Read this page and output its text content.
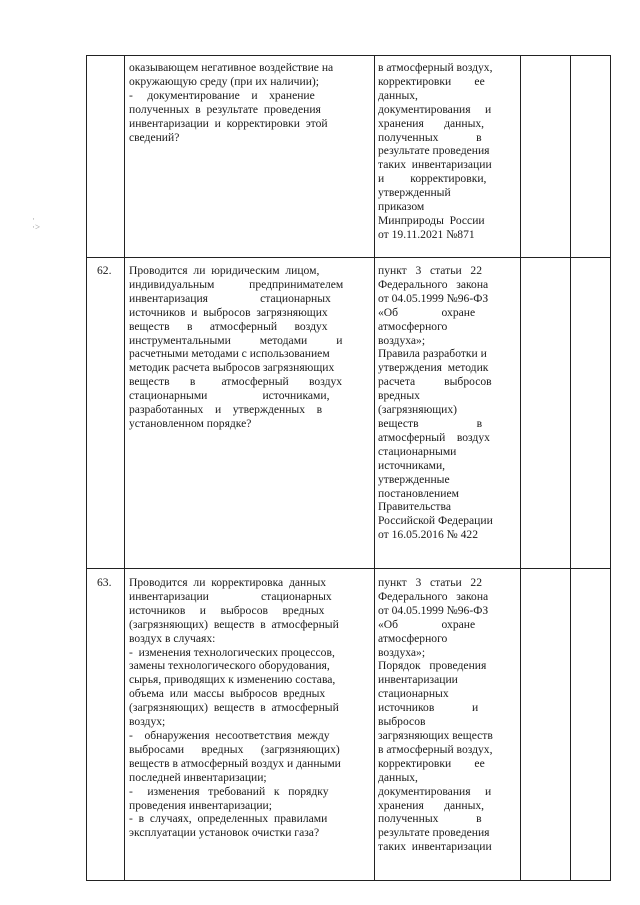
оказывающем негативное воздействие на
окружающую среду (при их наличии);
-     документирование    и    хранение
полученных  в  результате  проведения
инвентаризации  и  корректировки  этой
сведений?
в атмосферный воздух,
корректировки        ее
данных,
документирования     и
хранения       данных,
полученных             в
результате проведения
таких  инвентаризации
и         корректировки,
утвержденный
приказом
Минприроды  России
от 19.11.2021 №871
62. Проводится  ли  юридическим  лицом,
индивидуальным            предпринимателем
инвентаризация                  стационарных
источников  и  выбросов  загрязняющих
веществ      в      атмосферный      воздух
инструментальными          методами          и
расчетными методами с использованием
методик расчета выбросов загрязняющих
веществ       в         атмосферный       воздух
стационарными                   источниками,
разработанных    и    утвержденных    в
установленном порядке?
пункт   3   статьи   22
Федерального   закона
от 04.05.1999 №96-ФЗ
«Об               охране
атмосферного
воздуха»;
Правила разработки и
утверждения  методик
расчета          выбросов
вредных
(загрязняющих)
веществ                    в
атмосферный    воздух
стационарными
источниками,
утвержденные
постановлением
Правительства
Российской Федерации
от 16.05.2016 № 422
63. Проводится  ли  корректировка  данных
инвентаризации                  стационарных
источников     и     выбросов     вредных
(загрязняющих)  веществ  в  атмосферный
воздух в случаях:
-  изменения технологических процессов,
замены технологического оборудования,
сырья, приводящих к изменению состава,
объема  или  массы  выбросов  вредных
(загрязняющих)  веществ  в  атмосферный
воздух;
-    обнаружения  несоответствия  между
выбросами      вредных      (загрязняющих)
веществ в атмосферный воздух и данными
последней инвентаризации;
-     изменения   требований   к   порядку
проведения инвентаризации;
-  в  случаях,  определенных  правилами
эксплуатации установок очистки газа?
пункт   3   статьи   22
Федерального   закона
от 04.05.1999 №96-ФЗ
«Об               охране
атмосферного
воздуха»;
Порядок   проведения
инвентаризации
стационарных
источников             и
выбросов
загрязняющих веществ
в атмосферный воздух,
корректировки        ее
данных,
документирования     и
хранения       данных,
полученных             в
результате проведения
таких  инвентаризации
·
·>
